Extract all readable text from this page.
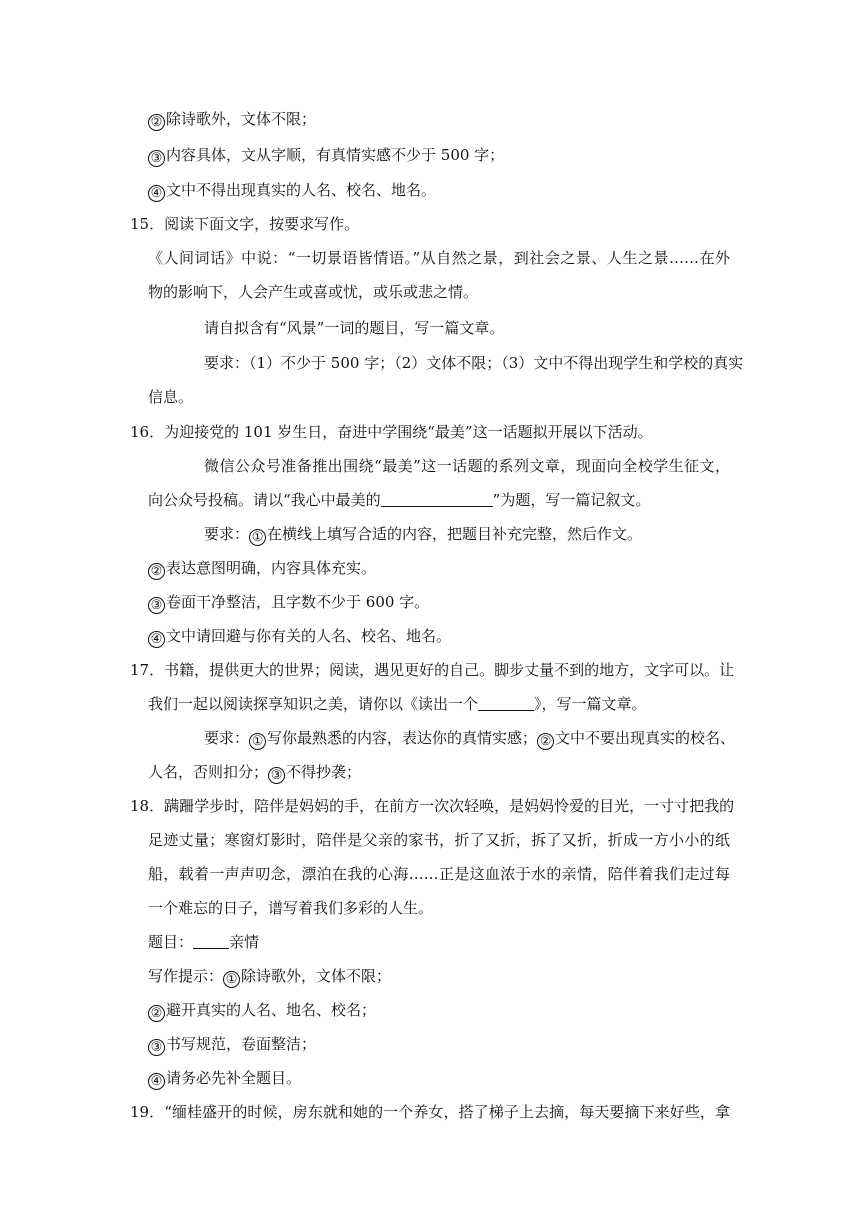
② 除诗歌外，文体不限；
③ 内容具体，文从字顺，有真情实感不少于 500 字；
④ 文中不得出现真实的人名、校名、地名。
15．阅读下面文字，按要求写作。
《人间词话》中说：“一切景语皆情语。”从自然之景，到社会之景、人生之景……在外
物的影响下，人会产生或喜或忧，或乐或悲之情。
请自拟含有“风景”一词的题目，写一篇文章。
要求：（1）不少于 500 字；（2）文体不限；（3）文中不得出现学生和学校的真实
信息。
16．为迎接党的 101 岁生日，奋进中学围绕“最美”这一话题拟开展以下活动。
微信公众号准备推出围绕“最美”这一话题的系列文章，现面向全校学生征文，
向公众号投稿。请以“我心中最美的	”为题，写一篇记叙文。
要求： ① 在横线上填写合适的内容，把题目补充完整，然后作文。
② 表达意图明确，内容具体充实。
③ 卷面干净整洁，且字数不少于 600 字。
④ 文中请回避与你有关的人名、校名、地名。
17．书籍，提供更大的世界；阅读，遇见更好的自己。脚步丈量不到的地方，文字可以。让
我们一起以阅读探享知识之美，请你以《读出一个	》，写一篇文章。
要求： ① 写你最熟悉的内容，表达你的真情实感； ② 文中不要出现真实的校名、
人名，否则扣分； ③ 不得抄袭；
18．蹒跚学步时，陪伴是妈妈的手，在前方一次次轻唤，是妈妈怜爱的目光，一寸寸把我的
足迹丈量；寒窗灯影时，陪伴是父亲的家书，折了又折，拆了又折，折成一方小小的纸
船，载着一声声叨念，漂泊在我的心海……正是这血浓于水的亲情，陪伴着我们走过每
一个难忘的日子，谱写着我们多彩的人生。
题目： 亲情
写作提示： ① 除诗歌外，文体不限；
② 避开真实的人名、地名、校名；
③ 书写规范，卷面整洁；
④ 请务必先补全题目。
19．“缅桂盛开的时候，房东就和她的一个养女，搭了梯子上去摘，每天要摘下来好些，拿
